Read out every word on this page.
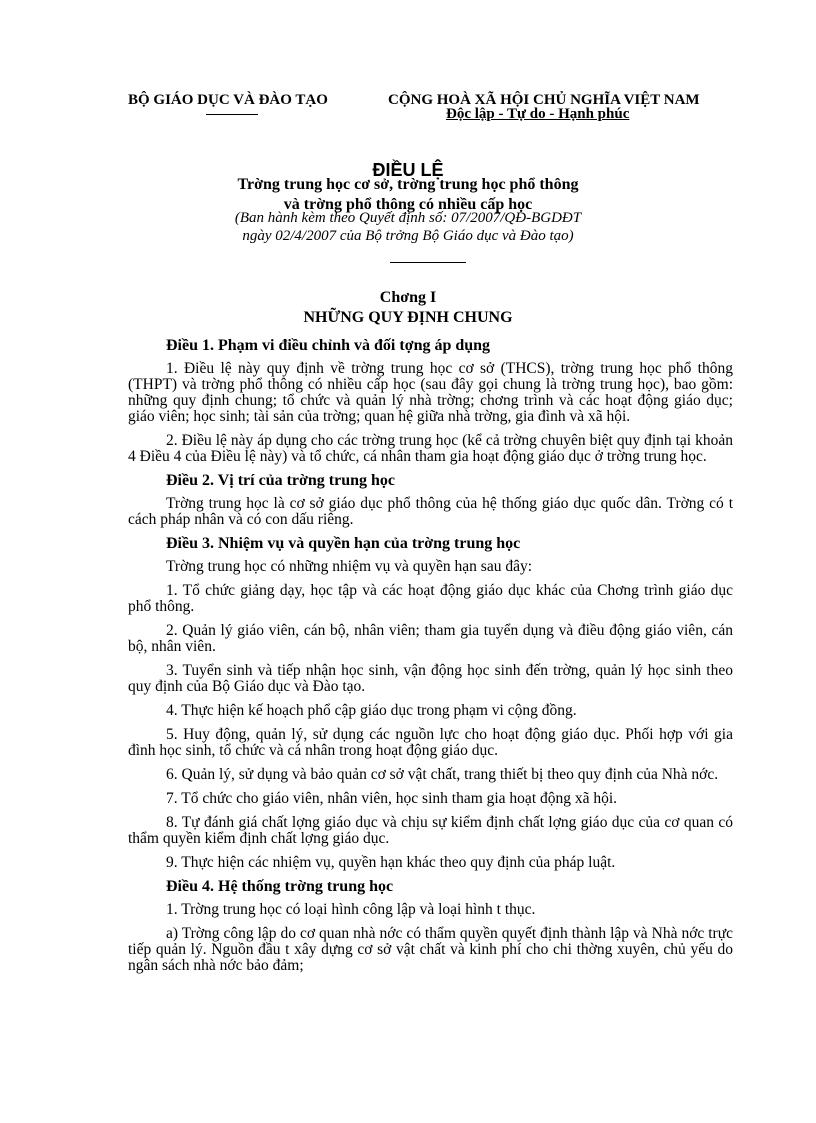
BỘ GIÁO DỤC VÀ ĐÀO TẠO	CỘNG HOÀ XÃ HỘI CHỦ NGHĨA VIỆT NAM
Độc lập - Tự do - Hạnh phúc
ĐIỀU LỆ
Trờng trung học cơ sở, trờng trung học phổ thông
và trờng phổ thông có nhiều cấp học
(Ban hành kèm theo Quyết định số: 07/2007/QĐ-BGDĐT
ngày 02/4/2007 của Bộ trởng Bộ Giáo dục và Đào tạo)
Chơng I
NHỮNG QUY ĐỊNH CHUNG

Điều 1. Phạm vi điều chỉnh và đối tợng áp dụng

1. Điều lệ này quy định về trờng trung học cơ sở (THCS), trờng trung học phổ thông (THPT) và trờng phổ thông có nhiều cấp học (sau đây gọi chung là trờng trung học), bao gồm: những quy định chung; tổ chức và quản lý nhà trờng; chơng trình và các hoạt động giáo dục; giáo viên; học sinh; tài sản của trờng; quan hệ giữa nhà trờng, gia đình và xã hội.

2. Điều lệ này áp dụng cho các trờng trung học (kể cả trờng chuyên biệt quy định tại khoản 4 Điều 4 của Điều lệ này) và tổ chức, cá nhân tham gia hoạt động giáo dục ở trờng trung học.

Điều 2. Vị trí của trờng trung học

Trờng trung học là cơ sở giáo dục phổ thông của hệ thống giáo dục quốc dân. Trờng có t cách pháp nhân và có con dấu riêng.

Điều 3. Nhiệm vụ và quyền hạn của trờng trung học

Trờng trung học có những nhiệm vụ và quyền hạn sau đây:

1. Tổ chức giảng dạy, học tập và các hoạt động giáo dục khác của Chơng trình giáo dục phổ thông.

2. Quản lý giáo viên, cán bộ, nhân viên; tham gia tuyển dụng và điều động giáo viên, cán bộ, nhân viên.

3. Tuyển sinh và tiếp nhận học sinh, vận động học sinh đến trờng, quản lý học sinh theo quy định của Bộ Giáo dục và Đào tạo.

4. Thực hiện kế hoạch phổ cập giáo dục trong phạm vi cộng đồng.

5. Huy động, quản lý, sử dụng các nguồn lực cho hoạt động giáo dục. Phối hợp với gia đình học sinh, tổ chức và cá nhân trong hoạt động giáo dục.

6. Quản lý, sử dụng và bảo quản cơ sở vật chất, trang thiết bị theo quy định của Nhà nớc.

7. Tổ chức cho giáo viên, nhân viên, học sinh tham gia hoạt động xã hội.

8. Tự đánh giá chất lợng giáo dục và chịu sự kiểm định chất lợng giáo dục của cơ quan có thẩm quyền kiểm định chất lợng giáo dục.

9. Thực hiện các nhiệm vụ, quyền hạn khác theo quy định của pháp luật.

Điều 4. Hệ thống trờng trung học

1. Trờng trung học có loại hình công lập và loại hình t thục.

a) Trờng công lập do cơ quan nhà nớc có thẩm quyền quyết định thành lập và Nhà nớc trực tiếp quản lý. Nguồn đầu t xây dựng cơ sở vật chất và kinh phí cho chi thờng xuyên, chủ yếu do ngân sách nhà nớc bảo đảm;
